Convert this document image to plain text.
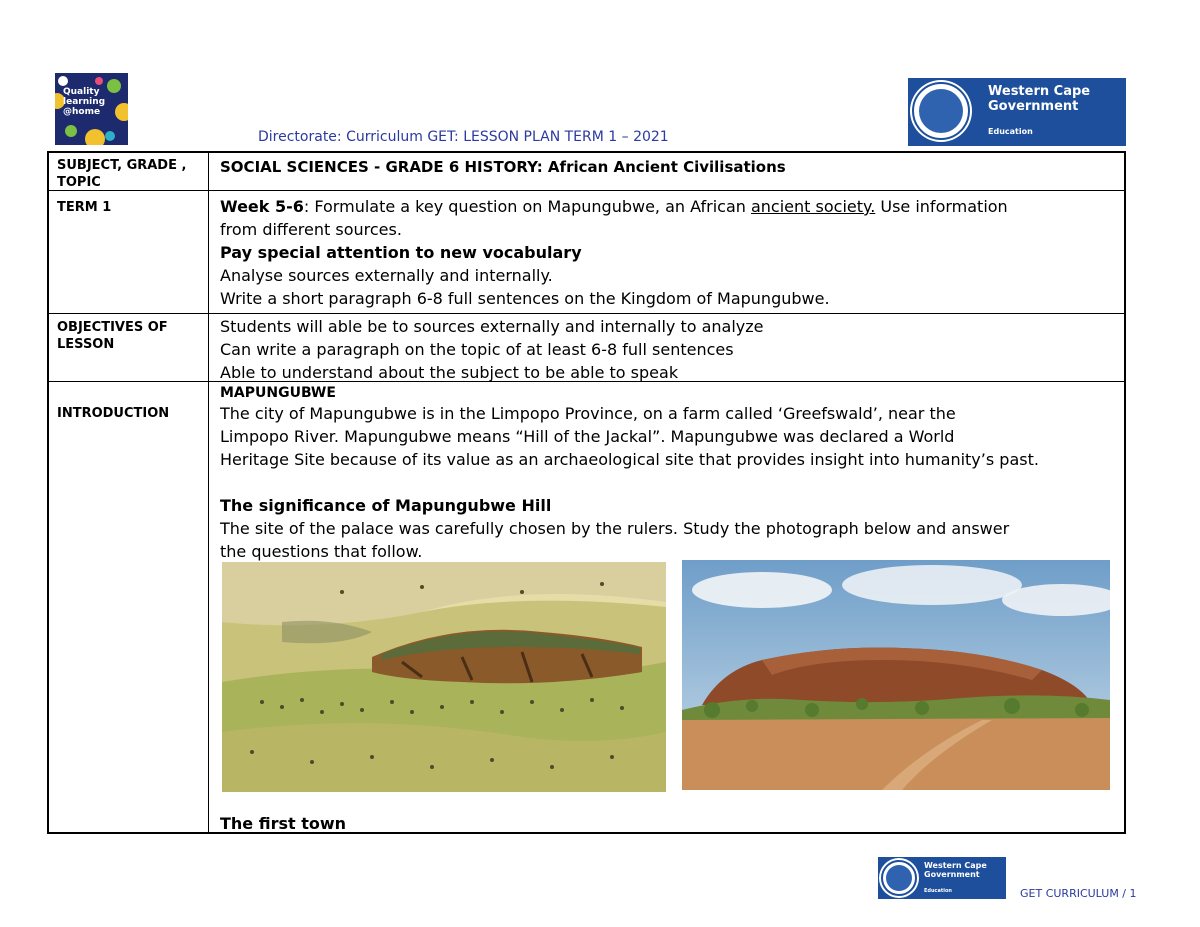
Quality
learning
@home
Western Cape
Government
Education
Directorate: Curriculum GET: LESSON PLAN TERM 1 – 2021
SUBJECT, GRADE , TOPIC
SOCIAL SCIENCES - GRADE 6 HISTORY: African Ancient Civilisations
TERM 1	Week 5-6: Formulate a key question on Mapungubwe, an African ancient society. Use information

from different sources.

Pay special attention to new vocabulary

Analyse sources externally and internally.

Write a short paragraph 6-8 full sentences on the Kingdom of Mapungubwe.

OBJECTIVES OF LESSON

Students will able be to sources externally and internally to analyze

Can write a paragraph on the topic of at least 6-8 full sentences

Able to understand about the subject to be able to speak

INTRODUCTION

MAPUNGUBWE

The city of Mapungubwe is in the Limpopo Province, on a farm called ‘Greefswald’, near the

Limpopo River. Mapungubwe means “Hill of the Jackal”. Mapungubwe was declared a World

Heritage Site because of its value as an archaeological site that provides insight into humanity’s past.

The significance of Mapungubwe Hill

The site of the palace was carefully chosen by the rulers. Study the photograph below and answer

the questions that follow.

The first town

Western Cape
Government
Education	GET CURRICULUM / 1
